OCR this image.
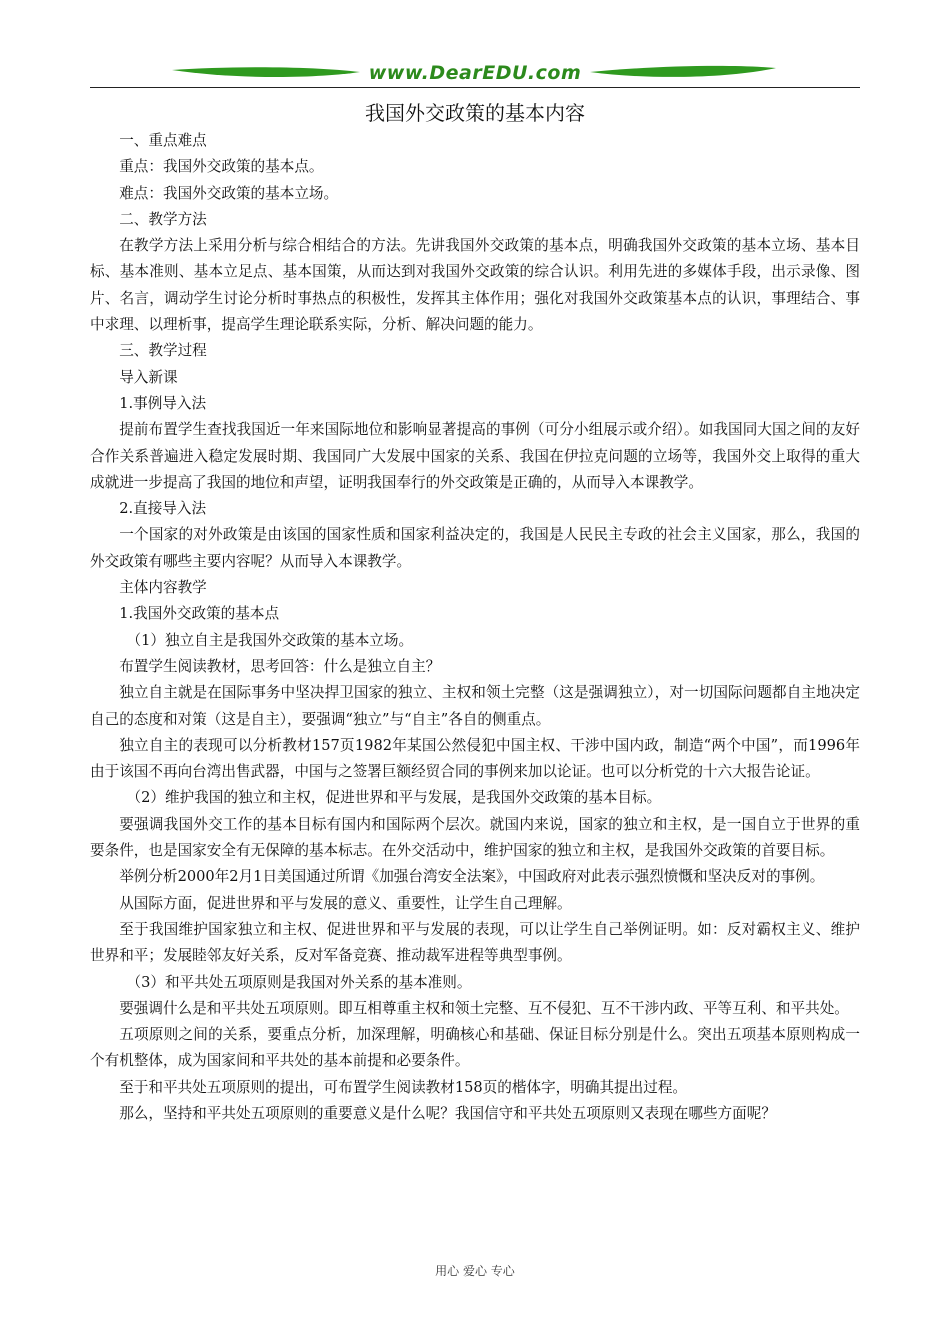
www.DearEDU.com
我国外交政策的基本内容

一、重点难点

重点：我国外交政策的基本点。

难点：我国外交政策的基本立场。

二、教学方法

在教学方法上采用分析与综合相结合的方法。先讲我国外交政策的基本点，明确我国外交政策的基本立场、基本目标、基本准则、基本立足点、基本国策，从而达到对我国外交政策的综合认识。利用先进的多媒体手段，出示录像、图片、名言，调动学生讨论分析时事热点的积极性，发挥其主体作用；强化对我国外交政策基本点的认识，事理结合、事中求理、以理析事，提高学生理论联系实际，分析、解决问题的能力。

三、教学过程

导入新课

1.事例导入法

提前布置学生查找我国近一年来国际地位和影响显著提高的事例（可分小组展示或介绍）。如我国同大国之间的友好合作关系普遍进入稳定发展时期、我国同广大发展中国家的关系、我国在伊拉克问题的立场等，我国外交上取得的重大成就进一步提高了我国的地位和声望，证明我国奉行的外交政策是正确的，从而导入本课教学。

2.直接导入法

一个国家的对外政策是由该国的国家性质和国家利益决定的，我国是人民民主专政的社会主义国家，那么，我国的外交政策有哪些主要内容呢？从而导入本课教学。

主体内容教学

1.我国外交政策的基本点

（1）独立自主是我国外交政策的基本立场。

布置学生阅读教材，思考回答：什么是独立自主？

独立自主就是在国际事务中坚决捍卫国家的独立、主权和领土完整（这是强调独立），对一切国际问题都自主地决定自己的态度和对策（这是自主），要强调“独立”与“自主”各自的侧重点。

独立自主的表现可以分析教材157页1982年某国公然侵犯中国主权、干涉中国内政，制造“两个中国”，而1996年由于该国不再向台湾出售武器，中国与之签署巨额经贸合同的事例来加以论证。也可以分析党的十六大报告论证。

（2）维护我国的独立和主权，促进世界和平与发展，是我国外交政策的基本目标。

要强调我国外交工作的基本目标有国内和国际两个层次。就国内来说，国家的独立和主权，是一国自立于世界的重要条件，也是国家安全有无保障的基本标志。在外交活动中，维护国家的独立和主权，是我国外交政策的首要目标。

举例分析2000年2月1日美国通过所谓《加强台湾安全法案》，中国政府对此表示强烈愤慨和坚决反对的事例。

从国际方面，促进世界和平与发展的意义、重要性，让学生自己理解。

至于我国维护国家独立和主权、促进世界和平与发展的表现，可以让学生自己举例证明。如：反对霸权主义、维护世界和平；发展睦邻友好关系，反对军备竞赛、推动裁军进程等典型事例。

（3）和平共处五项原则是我国对外关系的基本准则。

要强调什么是和平共处五项原则。即互相尊重主权和领土完整、互不侵犯、互不干涉内政、平等互利、和平共处。

五项原则之间的关系，要重点分析，加深理解，明确核心和基础、保证目标分别是什么。突出五项基本原则构成一个有机整体，成为国家间和平共处的基本前提和必要条件。

至于和平共处五项原则的提出，可布置学生阅读教材158页的楷体字，明确其提出过程。

那么，坚持和平共处五项原则的重要意义是什么呢？我国信守和平共处五项原则又表现在哪些方面呢？

用心 爱心 专心
